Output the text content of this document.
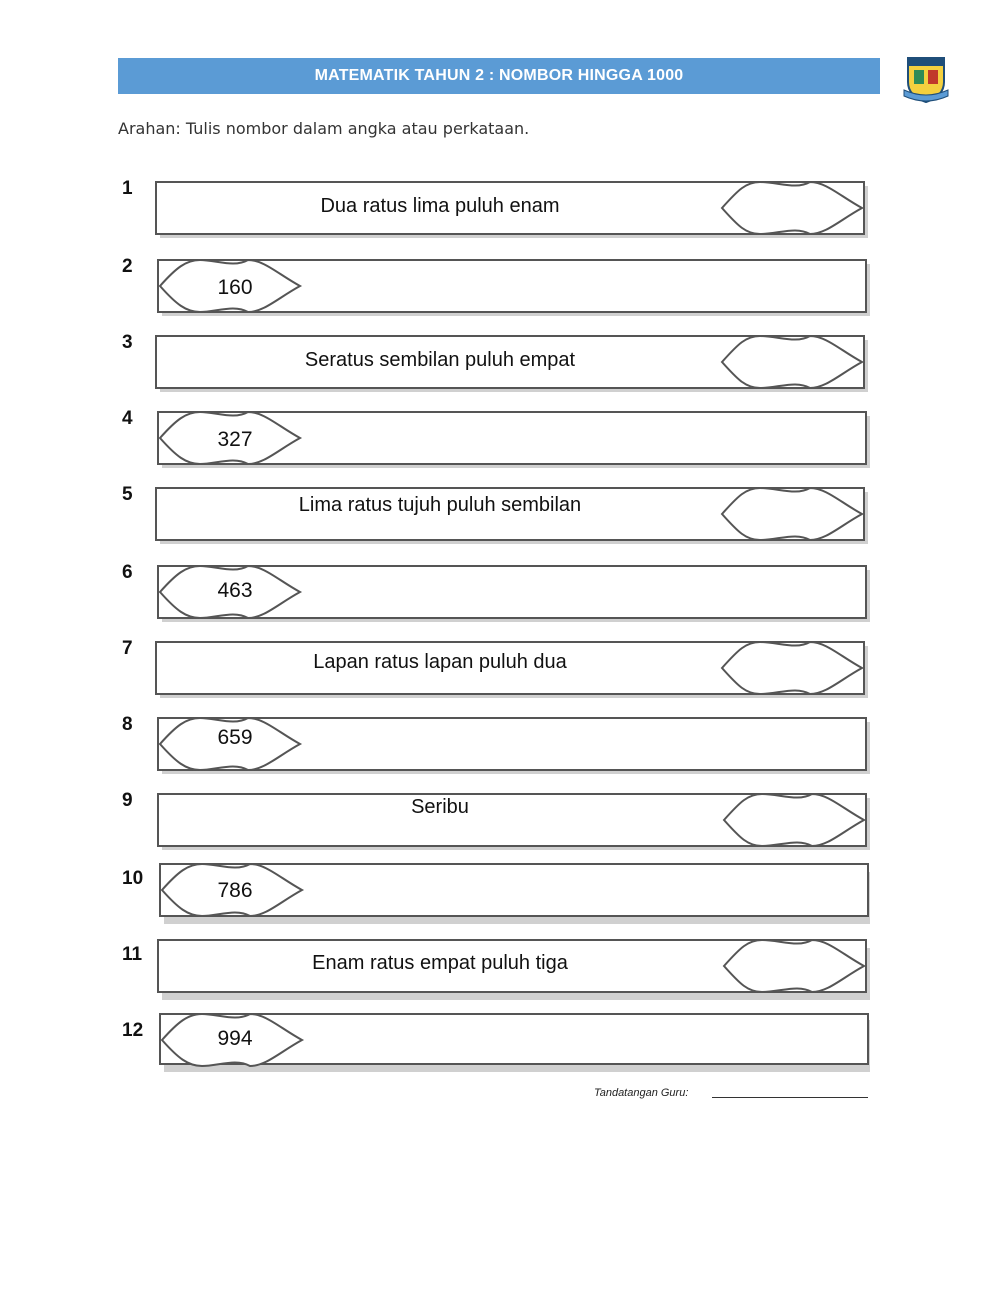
MATEMATIK TAHUN 2 : NOMBOR HINGGA 1000
Arahan: Tulis nombor dalam angka atau perkataan.
1
Dua ratus lima puluh enam
2
160
3
Seratus sembilan puluh empat
4
327
5	Lima ratus tujuh puluh sembilan
6
463
7
Lapan ratus lapan puluh dua
8
659
9	Seribu
10
786
11	Enam ratus empat puluh tiga
12	994
Tandatangan Guru:
